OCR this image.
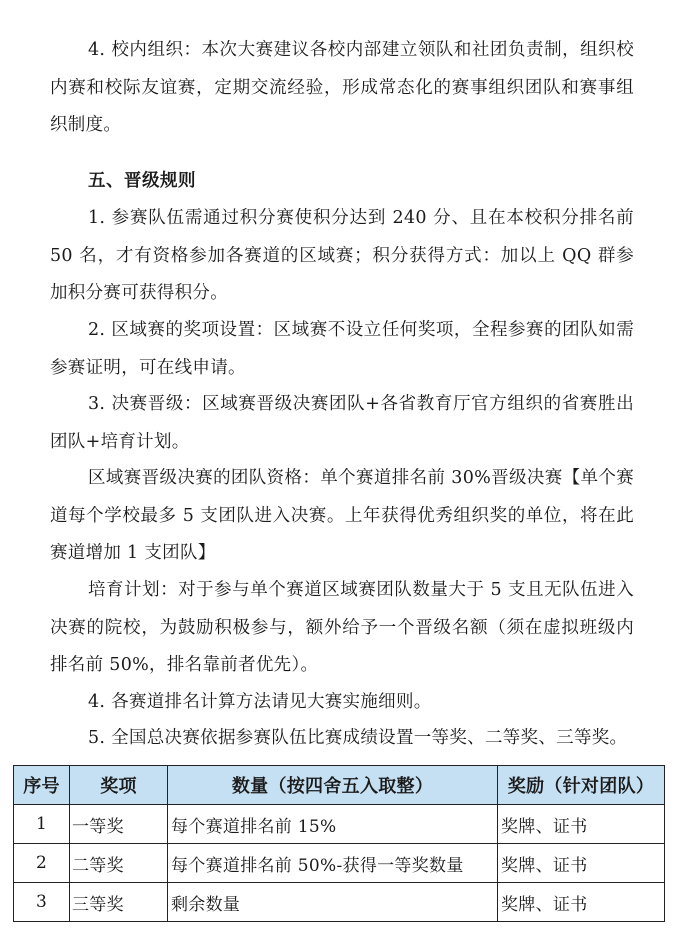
4. 校内组织：本次大赛建议各校内部建立领队和社团负责制，组织校内赛和校际友谊赛，定期交流经验，形成常态化的赛事组织团队和赛事组织制度。

五、晋级规则

1. 参赛队伍需通过积分赛使积分达到 240 分、且在本校积分排名前 50 名，才有资格参加各赛道的区域赛；积分获得方式：加以上 QQ 群参加积分赛可获得积分。

2. 区域赛的奖项设置：区域赛不设立任何奖项，全程参赛的团队如需参赛证明，可在线申请。

3. 决赛晋级：区域赛晋级决赛团队+各省教育厅官方组织的省赛胜出团队+培育计划。

区域赛晋级决赛的团队资格：单个赛道排名前 30%晋级决赛【单个赛道每个学校最多 5 支团队进入决赛。上年获得优秀组织奖的单位，将在此赛道增加 1 支团队】

培育计划：对于参与单个赛道区域赛团队数量大于 5 支且无队伍进入决赛的院校，为鼓励积极参与，额外给予一个晋级名额（须在虚拟班级内排名前 50%，排名靠前者优先）。

4. 各赛道排名计算方法请见大赛实施细则。

5. 全国总决赛依据参赛队伍比赛成绩设置一等奖、二等奖、三等奖。

序号	奖项	数量（按四舍五入取整）	奖励（针对团队）
1	一等奖	每个赛道排名前 15%	奖牌、证书
2	二等奖	每个赛道排名前 50%-获得一等奖数量	奖牌、证书
3	三等奖	剩余数量	奖牌、证书
